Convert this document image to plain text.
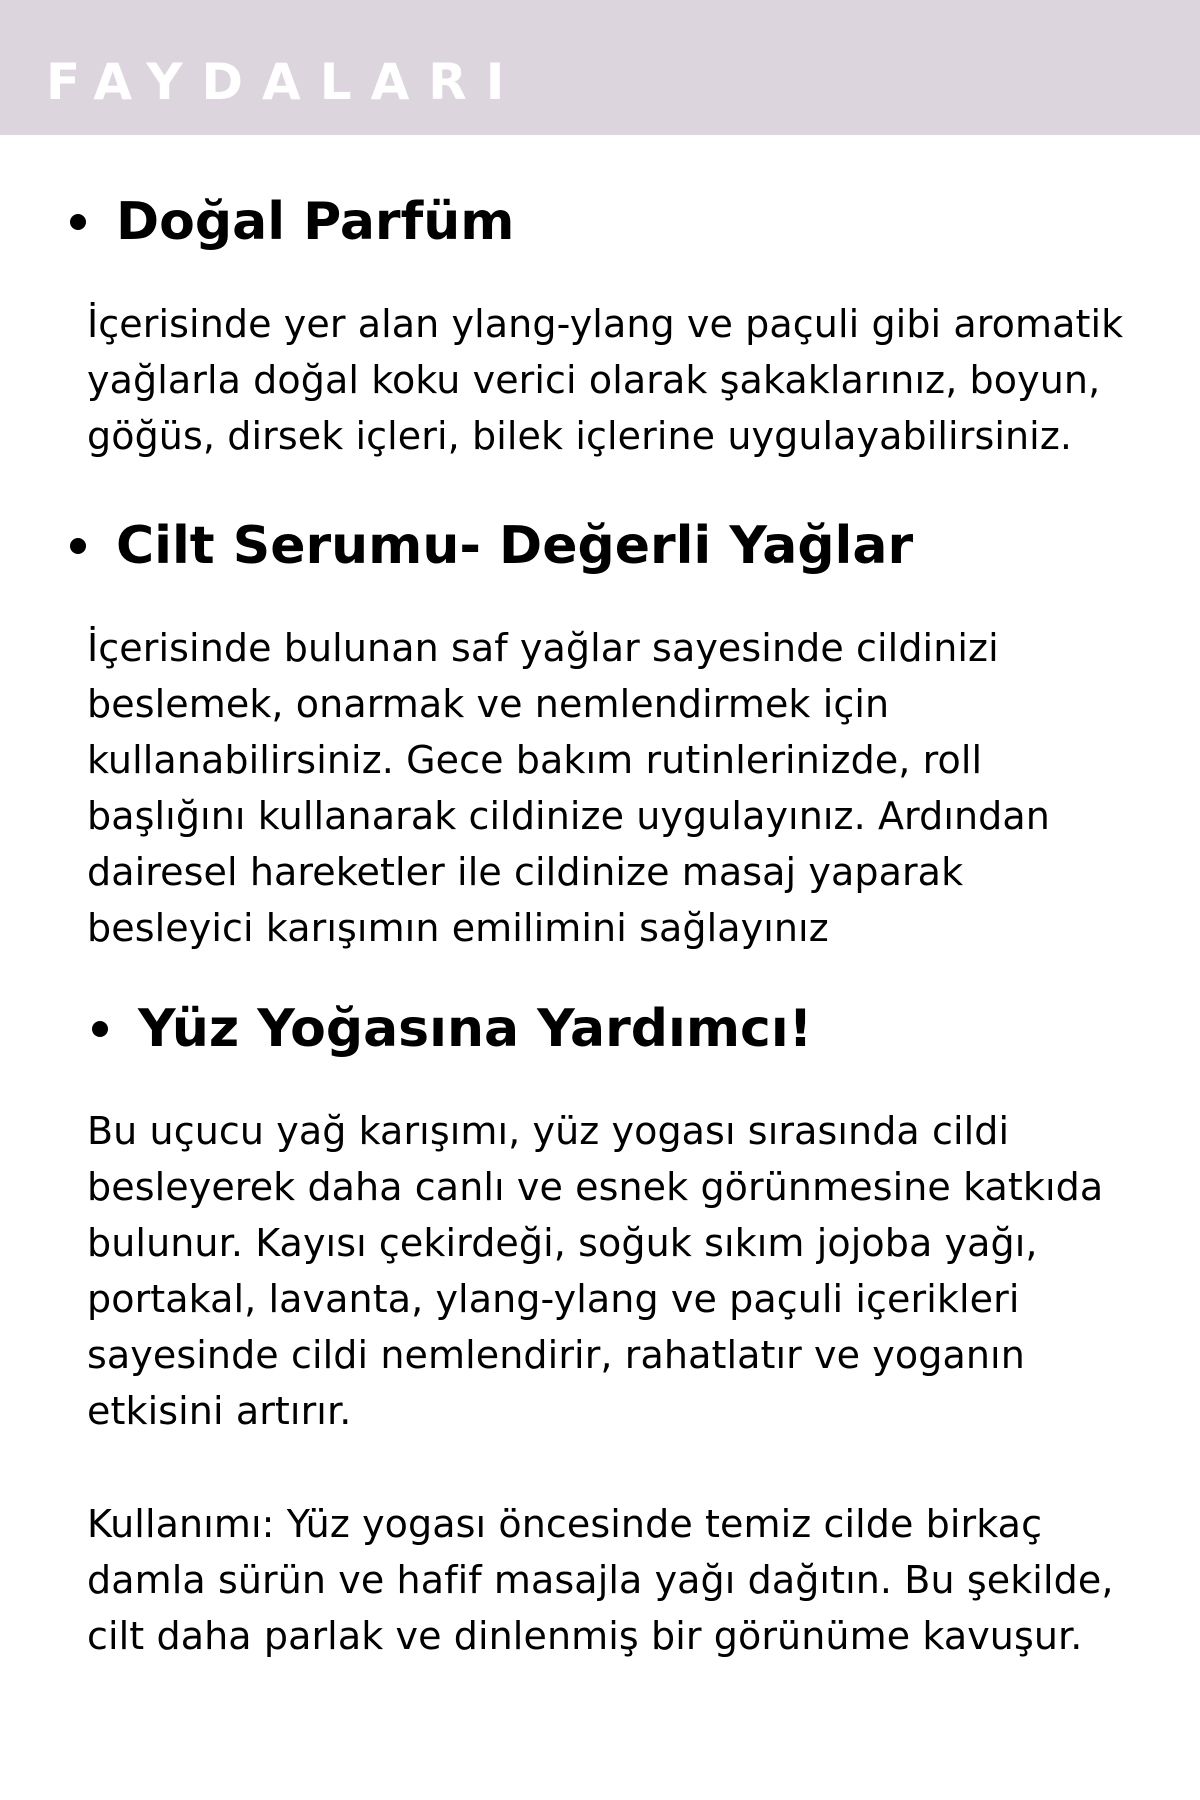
FAYDALARI
Doğal Parfüm

İçerisinde yer alan ylang-ylang ve paçuli gibi aromatik yağlarla doğal koku verici olarak şakaklarınız, boyun, göğüs, dirsek içleri, bilek içlerine uygulayabilirsiniz.

Cilt Serumu- Değerli Yağlar

İçerisinde bulunan saf yağlar sayesinde cildinizi beslemek, onarmak ve nemlendirmek için kullanabilirsiniz. Gece bakım rutinlerinizde, roll başlığını kullanarak cildinize uygulayınız. Ardından dairesel hareketler ile cildinize masaj yaparak besleyici karışımın emilimini sağlayınız

Yüz Yoğasına Yardımcı!

Bu uçucu yağ karışımı, yüz yogası sırasında cildi besleyerek daha canlı ve esnek görünmesine katkıda bulunur. Kayısı çekirdeği, soğuk sıkım jojoba yağı, portakal, lavanta, ylang-ylang ve paçuli içerikleri sayesinde cildi nemlendirir, rahatlatır ve yoganın etkisini artırır.

Kullanımı: Yüz yogası öncesinde temiz cilde birkaç damla sürün ve hafif masajla yağı dağıtın. Bu şekilde, cilt daha parlak ve dinlenmiş bir görünüme kavuşur.
